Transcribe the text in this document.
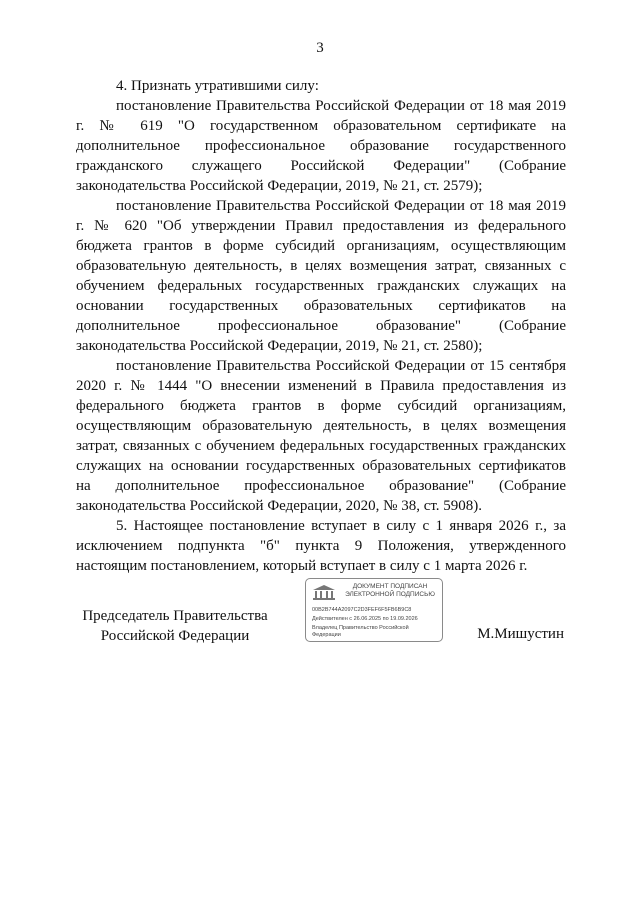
3

4. Признать утратившими силу:

постановление Правительства Российской Федерации от 18 мая 2019 г. № 619 "О государственном образовательном сертификате на дополнительное профессиональное образование государственного гражданского служащего Российской Федерации" (Собрание законодательства Российской Федерации, 2019, № 21, ст. 2579);

постановление Правительства Российской Федерации от 18 мая 2019 г. № 620 "Об утверждении Правил предоставления из федерального бюджета грантов в форме субсидий организациям, осуществляющим образовательную деятельность, в целях возмещения затрат, связанных с обучением федеральных государственных гражданских служащих на основании государственных образовательных сертификатов на дополнительное профессиональное образование" (Собрание законодательства Российской Федерации, 2019, № 21, ст. 2580);

постановление Правительства Российской Федерации от 15 сентября 2020 г. № 1444 "О внесении изменений в Правила предоставления из федерального бюджета грантов в форме субсидий организациям, осуществляющим образовательную деятельность, в целях возмещения затрат, связанных с обучением федеральных государственных гражданских служащих на основании государственных образовательных сертификатов на дополнительное профессиональное образование" (Собрание законодательства Российской Федерации, 2020, № 38, ст. 5908).

5. Настоящее постановление вступает в силу с 1 января 2026 г., за исключением подпункта "б" пункта 9 Положения, утвержденного настоящим постановлением, который вступает в силу с 1 марта 2026 г.

Председатель Правительства Российской Федерации	М.Мишустин
ДОКУМЕНТ ПОДПИСАН ЭЛЕКТРОННОЙ ПОДПИСЬЮ
00B2B744A2097C2D3FEF6F5FB6B9C8
Действителен с 26.06.2025 по 19.09.2026
Владелец Правительство Российской Федерации
